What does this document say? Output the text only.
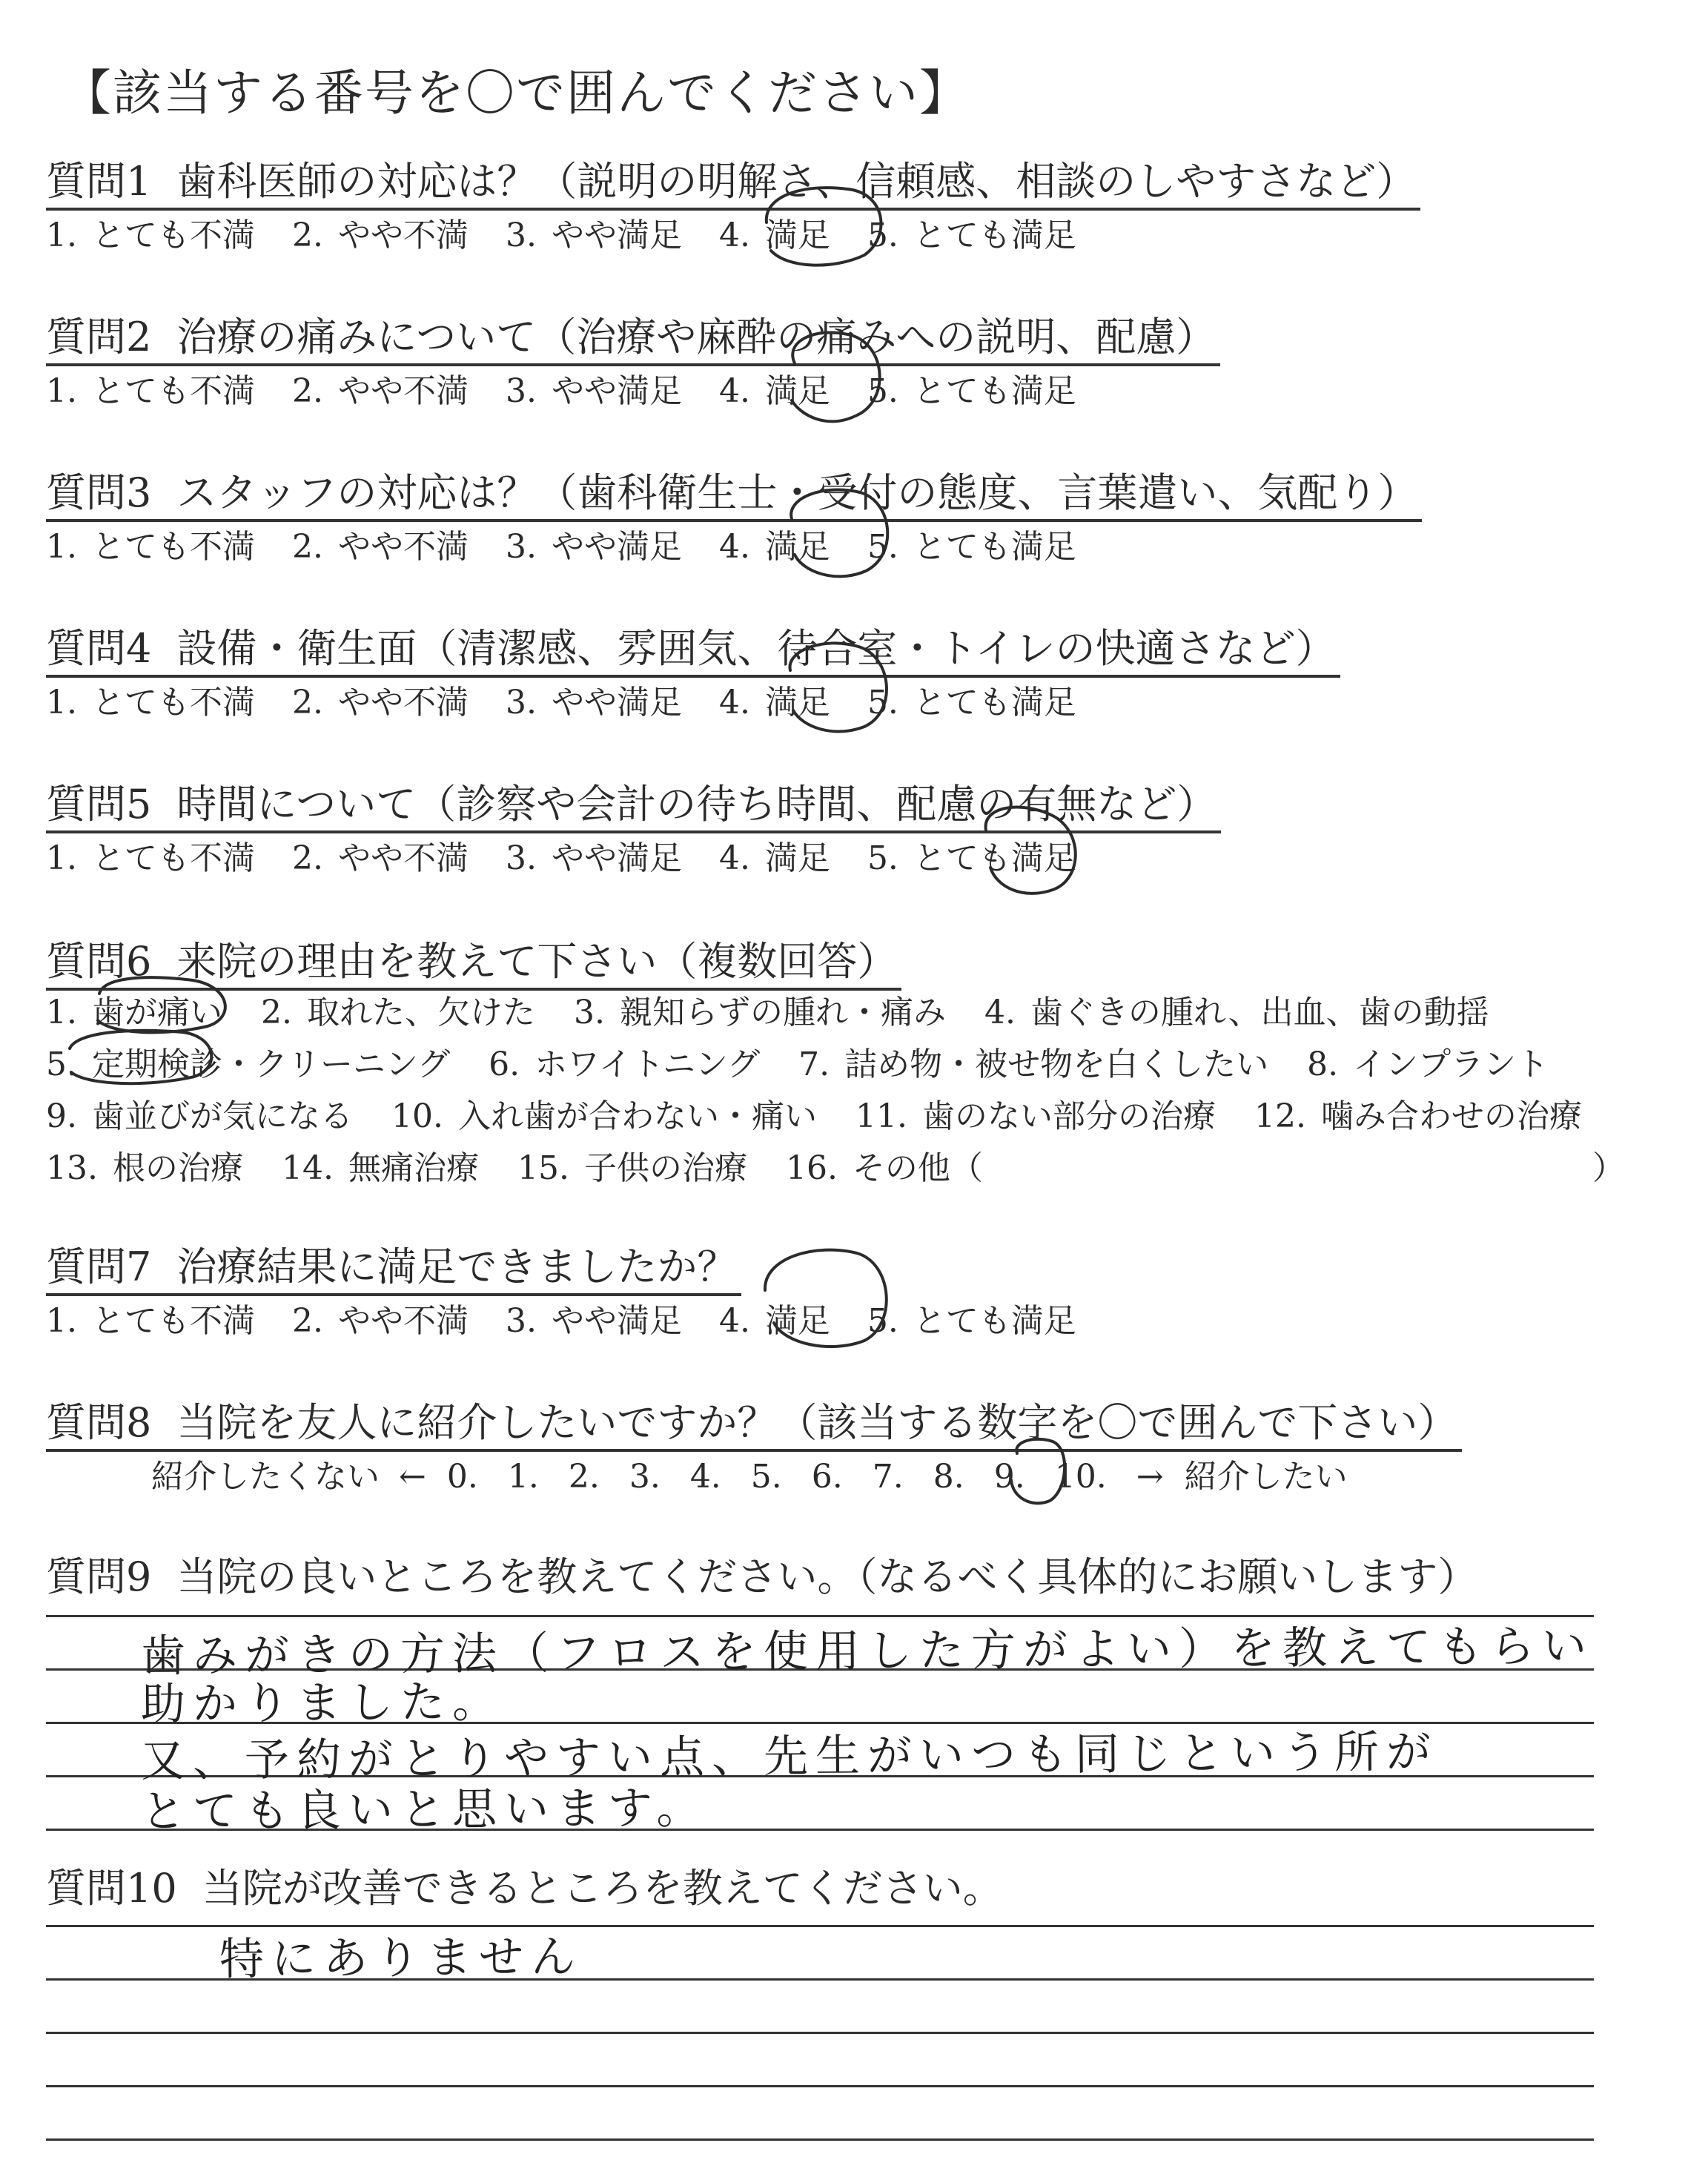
【該当する番号を〇で囲んでください】
質問1 歯科医師の対応は？（説明の明解さ、信頼感、相談のしやすさなど）
1. とても不満 2. やや不満 3. やや満足 4. 満足 5. とても満足
質問2 治療の痛みについて（治療や麻酔の痛みへの説明、配慮）
1. とても不満 2. やや不満 3. やや満足 4. 満足 5. とても満足
質問3 スタッフの対応は？（歯科衛生士・受付の態度、言葉遣い、気配り）
1. とても不満 2. やや不満 3. やや満足 4. 満足 5. とても満足
質問4 設備・衛生面（清潔感、雰囲気、待合室・トイレの快適さなど）
1. とても不満 2. やや不満 3. やや満足 4. 満足 5. とても満足
質問5 時間について（診察や会計の待ち時間、配慮の有無など）
1. とても不満 2. やや不満 3. やや満足 4. 満足 5. とても満足
質問6 来院の理由を教えて下さい（複数回答）
1. 歯が痛い 2. 取れた、欠けた 3. 親知らずの腫れ・痛み 4. 歯ぐきの腫れ、出血、歯の動揺
5. 定期検診・クリーニング 6. ホワイトニング 7. 詰め物・被せ物を白くしたい 8. インプラント
9. 歯並びが気になる 10. 入れ歯が合わない・痛い 11. 歯のない部分の治療 12. 噛み合わせの治療
13. 根の治療 14. 無痛治療 15. 子供の治療 16. その他（	）
質問7 治療結果に満足できましたか？
1. とても不満 2. やや不満 3. やや満足 4. 満足 5. とても満足
質問8 当院を友人に紹介したいですか？（該当する数字を〇で囲んで下さい）
紹介したくない ← 0. 1. 2. 3. 4. 5. 6. 7. 8. 9. 10. → 紹介したい
質問9 当院の良いところを教えてください。（なるべく具体的にお願いします）
歯みがきの方法（フロスを使用した方がよい）を教えてもらい
助かりました。
又、予約がとりやすい点、先生がいつも同じという所が
とても良いと思います。
質問10 当院が改善できるところを教えてください。
特にありません
